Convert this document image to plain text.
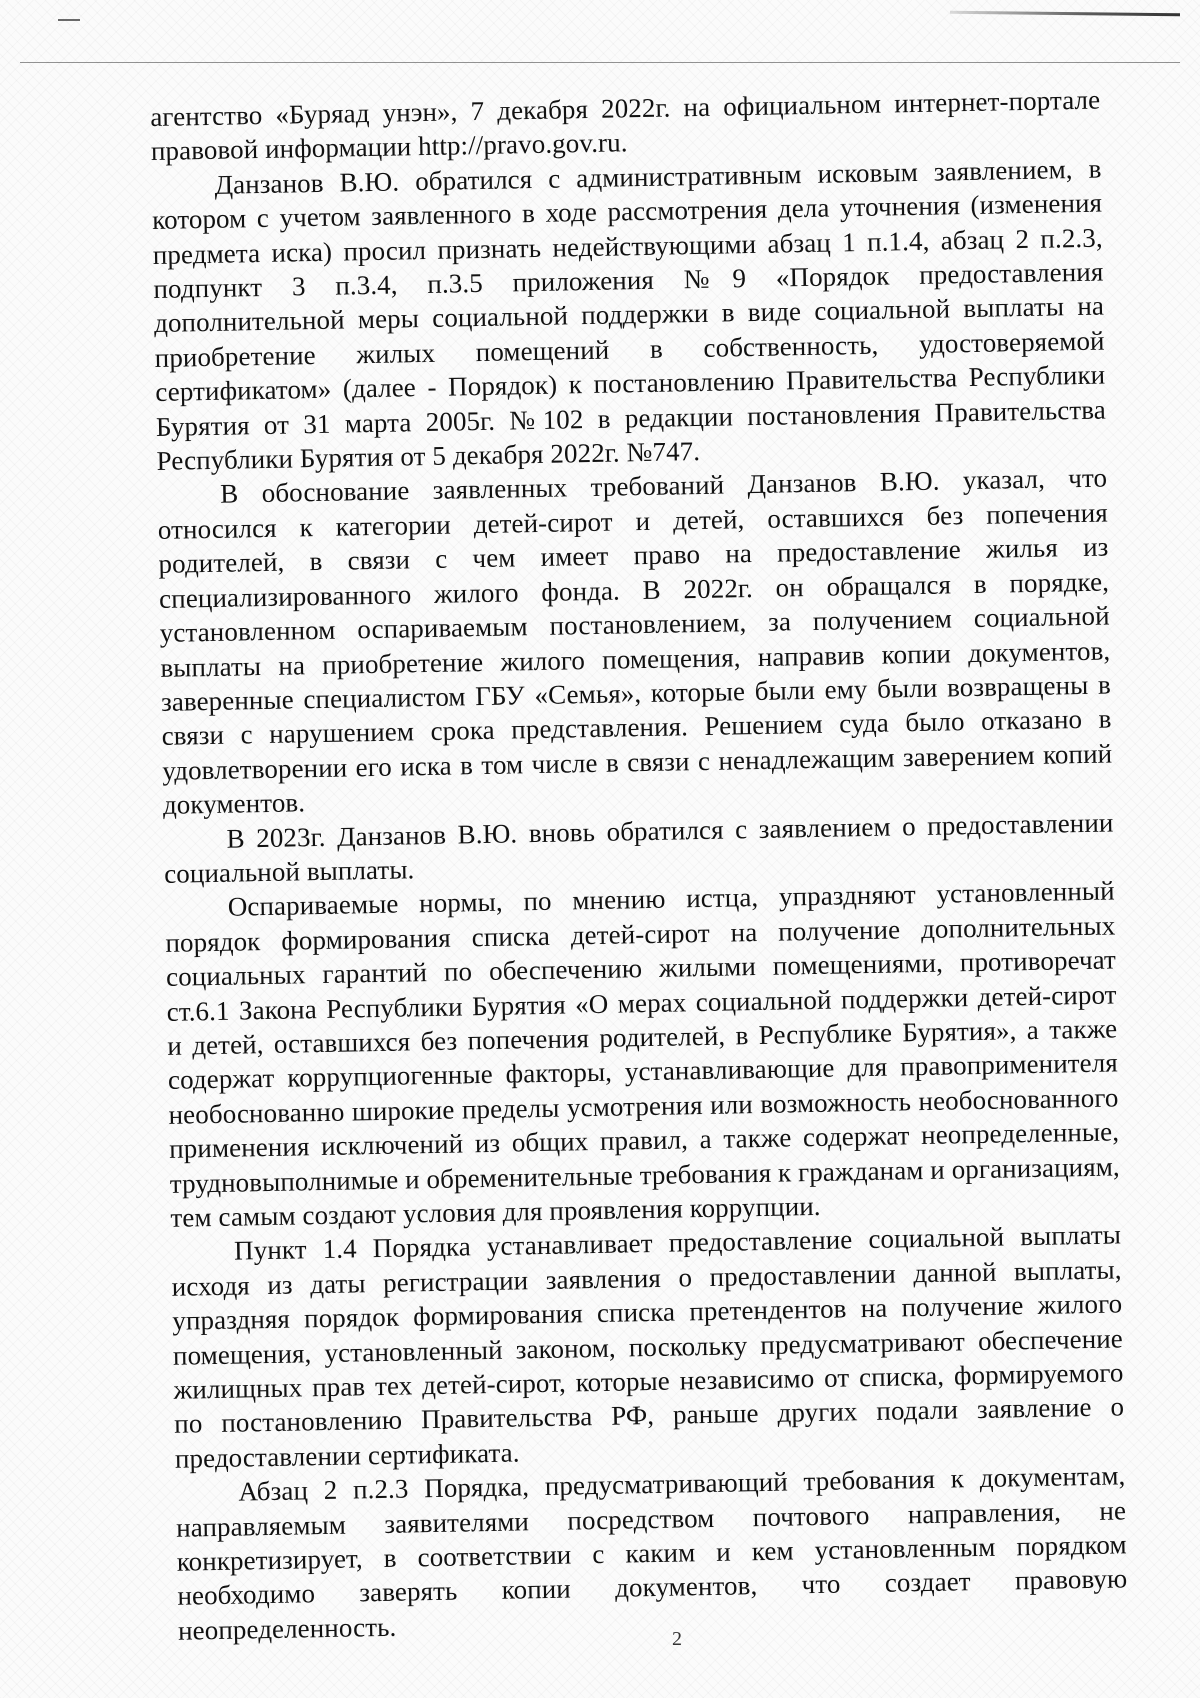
агентство «Буряад унэн», 7 декабря 2022г. на официальном интернет-портале правовой информации http://pravo.gov.ru.

Данзанов В.Ю. обратился с административным исковым заявлением, в котором с учетом заявленного в ходе рассмотрения дела уточнения (изменения предмета иска) просил признать недействующими абзац 1 п.1.4, абзац 2 п.2.3, подпункт 3 п.3.4, п.3.5 приложения №9 «Порядок предоставления дополнительной меры социальной поддержки в виде социальной выплаты на приобретение жилых помещений в собственность, удостоверяемой сертификатом» (далее - Порядок) к постановлению Правительства Республики Бурятия от 31 марта 2005г. №102 в редакции постановления Правительства Республики Бурятия от 5 декабря 2022г. №747.

В обоснование заявленных требований Данзанов В.Ю. указал, что относился к категории детей-сирот и детей, оставшихся без попечения родителей, в связи с чем имеет право на предоставление жилья из специализированного жилого фонда. В 2022г. он обращался в порядке, установленном оспариваемым постановлением, за получением социальной выплаты на приобретение жилого помещения, направив копии документов, заверенные специалистом ГБУ «Семья», которые были ему были возвращены в связи с нарушением срока представления. Решением суда было отказано в удовлетворении его иска в том числе в связи с ненадлежащим заверением копий документов.

В 2023г. Данзанов В.Ю. вновь обратился с заявлением о предоставлении социальной выплаты.

Оспариваемые нормы, по мнению истца, упраздняют установленный порядок формирования списка детей-сирот на получение дополнительных социальных гарантий по обеспечению жилыми помещениями, противоречат ст.6.1 Закона Республики Бурятия «О мерах социальной поддержки детей-сирот и детей, оставшихся без попечения родителей, в Республике Бурятия», а также содержат коррупциогенные факторы, устанавливающие для правоприменителя необоснованно широкие пределы усмотрения или возможность необоснованного применения исключений из общих правил, а также содержат неопределенные, трудновыполнимые и обременительные требования к гражданам и организациям, тем самым создают условия для проявления коррупции.

Пункт 1.4 Порядка устанавливает предоставление социальной выплаты исходя из даты регистрации заявления о предоставлении данной выплаты, упраздняя порядок формирования списка претендентов на получение жилого помещения, установленный законом, поскольку предусматривают обеспечение жилищных прав тех детей-сирот, которые независимо от списка, формируемого по постановлению Правительства РФ, раньше других подали заявление о предоставлении сертификата.

Абзац 2 п.2.3 Порядка, предусматривающий требования к документам, направляемым заявителями посредством почтового направления, не конкретизирует, в соответствии с каким и кем установленным порядком необходимо заверять копии документов, что создает правовую неопределенность.	2
